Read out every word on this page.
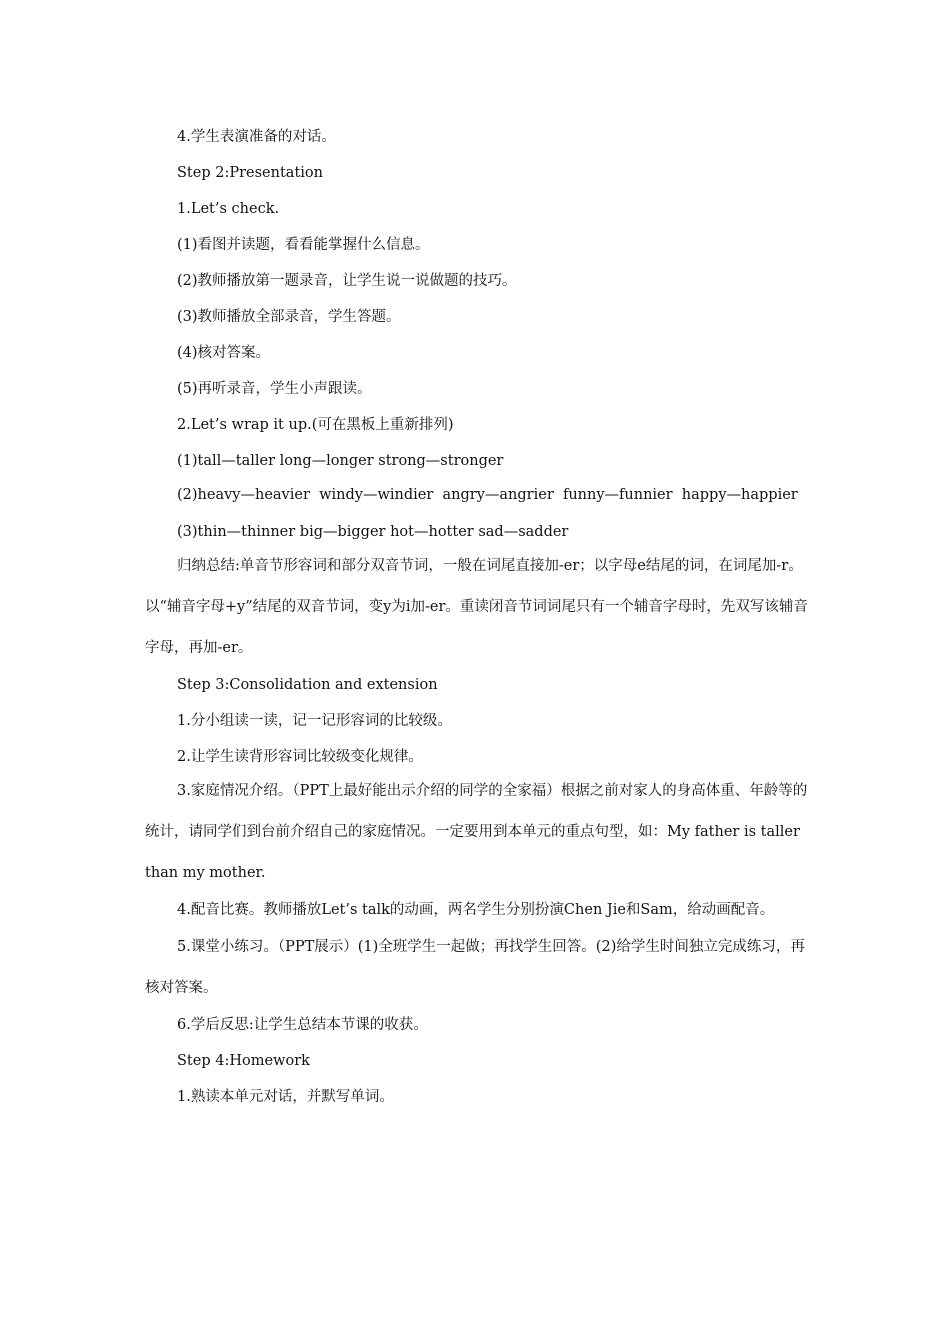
4.学生表演准备的对话。

Step 2:Presentation

1.Let’s check.

(1)看图并读题，看看能掌握什么信息。

(2)教师播放第一题录音，让学生说一说做题的技巧。

(3)教师播放全部录音，学生答题。

(4)核对答案。

(5)再听录音，学生小声跟读。

2.Let’s wrap it up.(可在黑板上重新排列)

(1)tall—taller long—longer strong—stronger

(2)heavy—heavier  windy—windier  angry—angrier  funny—funnier  happy—happier

(3)thin—thinner big—bigger hot—hotter sad—sadder

归纳总结:单音节形容词和部分双音节词，一般在词尾直接加-er；以字母e结尾的词，在词尾加-r。以“辅音字母+y”结尾的双音节词，变y为i加-er。重读闭音节词词尾只有一个辅音字母时，先双写该辅音字母，再加-er。

Step 3:Consolidation and extension

1.分小组读一读，记一记形容词的比较级。

2.让学生读背形容词比较级变化规律。

3.家庭情况介绍。（PPT上最好能出示介绍的同学的全家福）根据之前对家人的身高体重、年龄等的统计，请同学们到台前介绍自己的家庭情况。一定要用到本单元的重点句型，如：My father is taller than my mother.

4.配音比赛。教师播放Let’s talk的动画，两名学生分别扮演Chen Jie和Sam，给动画配音。

5.课堂小练习。（PPT展示）(1)全班学生一起做；再找学生回答。(2)给学生时间独立完成练习，再核对答案。

6.学后反思:让学生总结本节课的收获。

Step 4:Homework

1.熟读本单元对话，并默写单词。
